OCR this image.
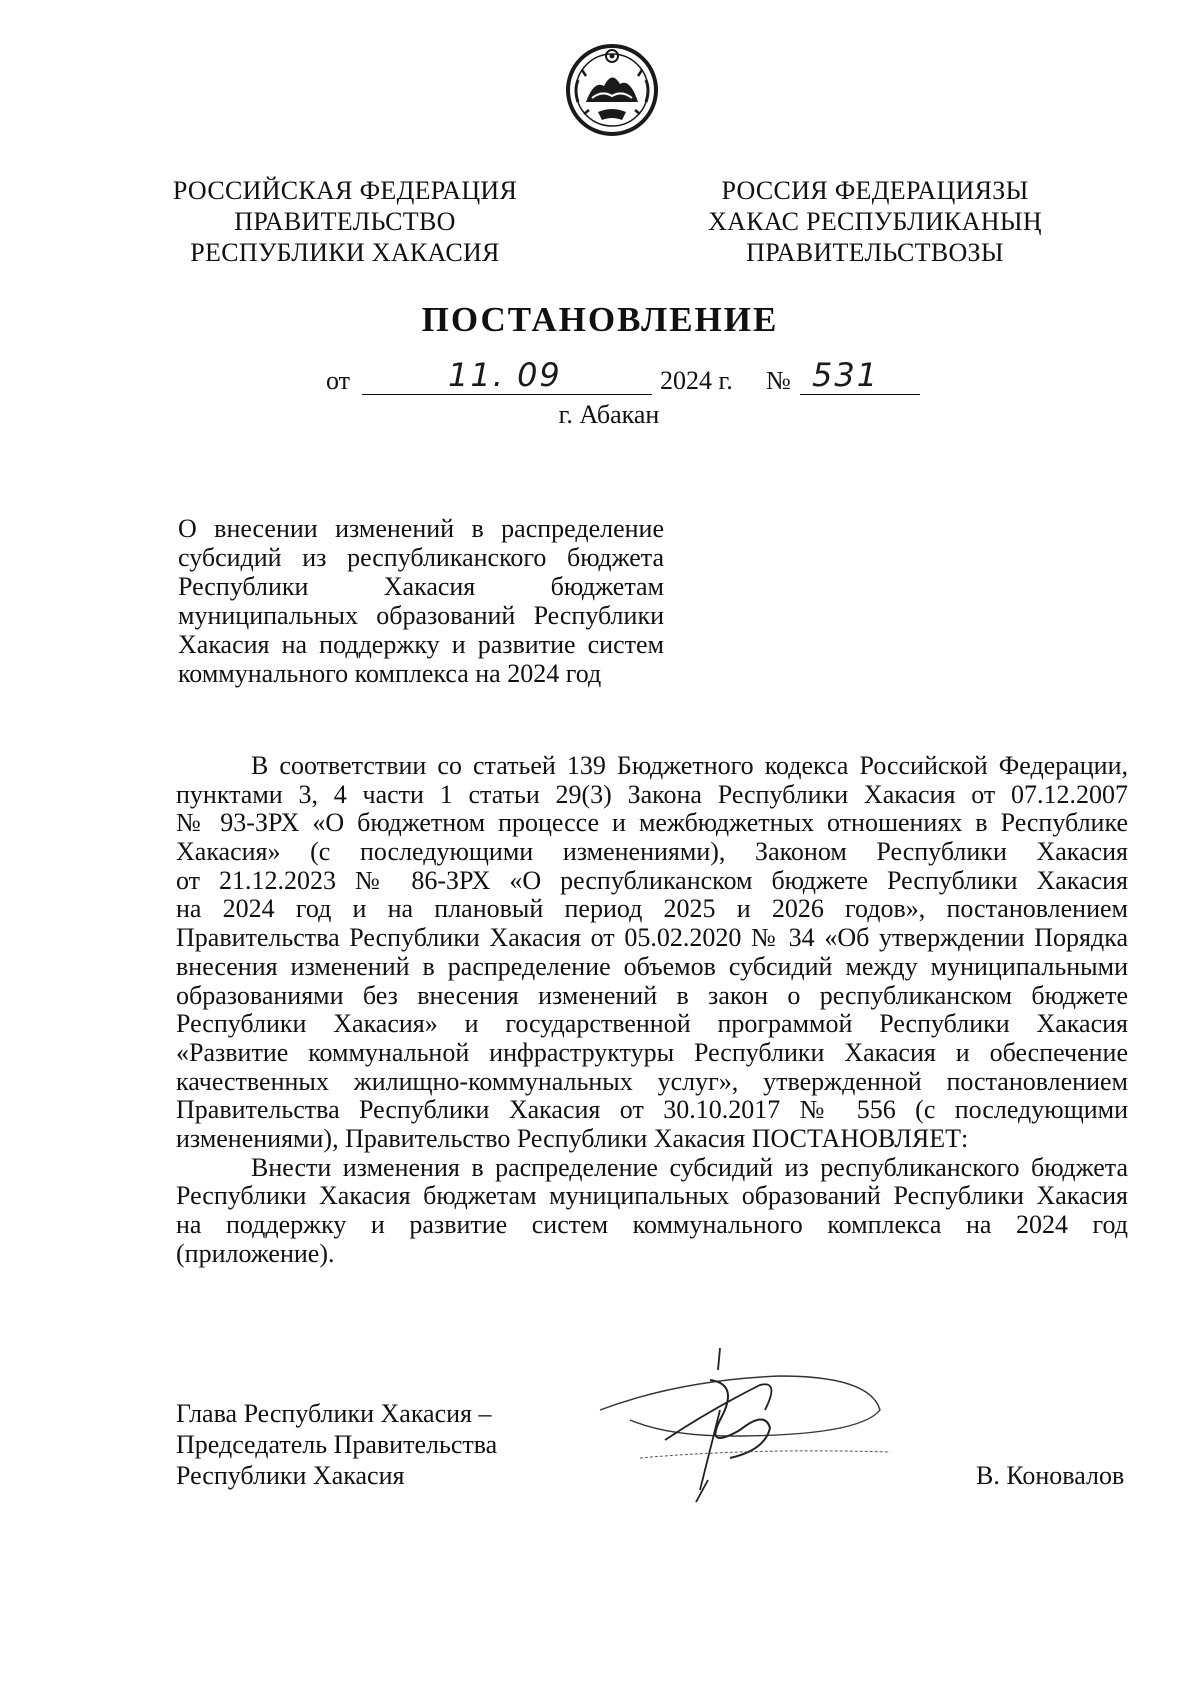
РОССИЙСКАЯ ФЕДЕРАЦИЯ
ПРАВИТЕЛЬСТВО
РЕСПУБЛИКИ ХАКАСИЯ
РОССИЯ ФЕДЕРАЦИЯЗЫ
ХАКАС РЕСПУБЛИКАНЫҢ
ПРАВИТЕЛЬСТВОЗЫ
ПОСТАНОВЛЕНИЕ
от	11. 09	2024 г. № 531
г. Абакан
О внесении изменений в распределение
субсидий из республиканского бюджета
Республики Хакасия бюджетам
муниципальных образований Республики
Хакасия на поддержку и развитие систем
коммунального комплекса на 2024 год
В соответствии со статьей 139 Бюджетного кодекса Российской Федерации,
пунктами 3, 4 части 1 статьи 29(3) Закона Республики Хакасия от 07.12.2007
№ 93-ЗРХ «О бюджетном процессе и межбюджетных отношениях в Республике
Хакасия» (с последующими изменениями), Законом Республики Хакасия
от 21.12.2023 № 86-ЗРХ «О республиканском бюджете Республики Хакасия
на 2024 год и на плановый период 2025 и 2026 годов», постановлением
Правительства Республики Хакасия от 05.02.2020 № 34 «Об утверждении Порядка
внесения изменений в распределение объемов субсидий между муниципальными
образованиями без внесения изменений в закон о республиканском бюджете
Республики Хакасия» и государственной программой Республики Хакасия
«Развитие коммунальной инфраструктуры Республики Хакасия и обеспечение
качественных жилищно-коммунальных услуг», утвержденной постановлением
Правительства Республики Хакасия от 30.10.2017 № 556 (с последующими
изменениями), Правительство Республики Хакасия ПОСТАНОВЛЯЕТ:
Внести изменения в распределение субсидий из республиканского бюджета
Республики Хакасия бюджетам муниципальных образований Республики Хакасия
на поддержку и развитие систем коммунального комплекса на 2024 год
(приложение).
Глава Республики Хакасия –
Председатель Правительства
Республики Хакасия	В. Коновалов
